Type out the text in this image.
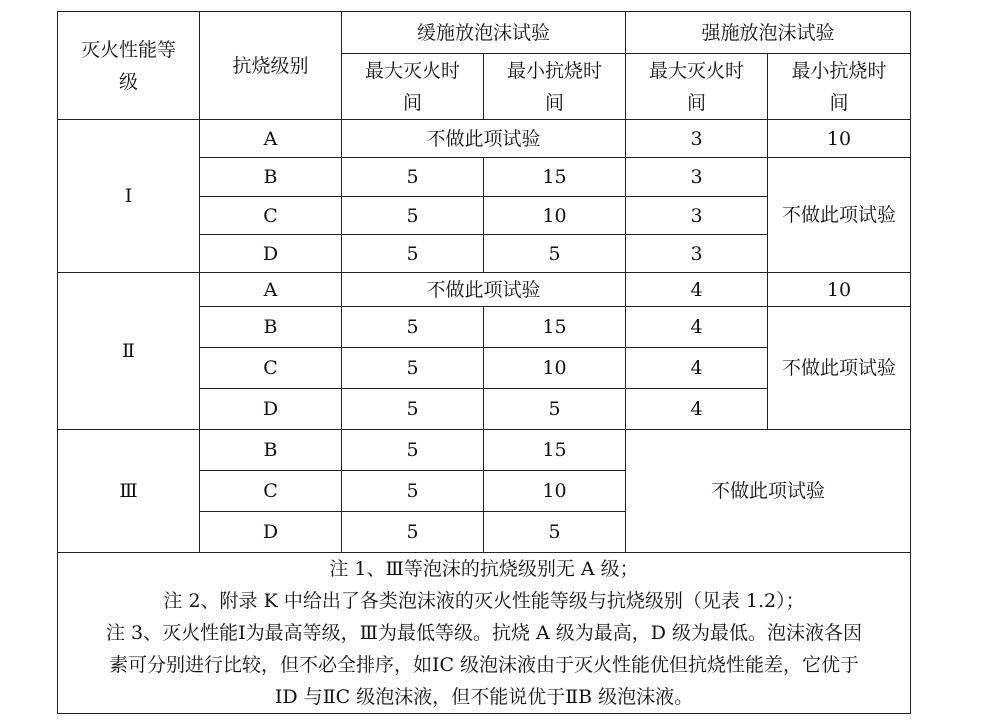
灭火性能等级	抗烧级别	缓施放泡沫试验		强施放泡沫试验	
		最大灭火时间	最小抗烧时间	最大灭火时间	最小抗烧时间
Ⅰ	A	不做此项试验		3	10
	B	5	15	3	不做此项试验
	C	5	10	3	
	D	5	5	3	
Ⅱ	A	不做此项试验		4	10
	B	5	15	4	不做此项试验
	C	5	10	4	
	D	5	5	4	
Ⅲ	B	5	15	不做此项试验	
	C	5	10		
	D	5	5		

注 1、Ⅲ等泡沫的抗烧级别无 A 级；
注 2、附录 K 中给出了各类泡沫液的灭火性能等级与抗烧级别（见表 1.2）；
注 3、灭火性能Ⅰ为最高等级，Ⅲ为最低等级。抗烧 A 级为最高，D 级为最低。泡沫液各因
素可分别进行比较，但不必全排序，如ⅠC 级泡沫液由于灭火性能优但抗烧性能差，它优于
ⅠD 与ⅡC 级泡沫液，但不能说优于ⅡB 级泡沫液。					
